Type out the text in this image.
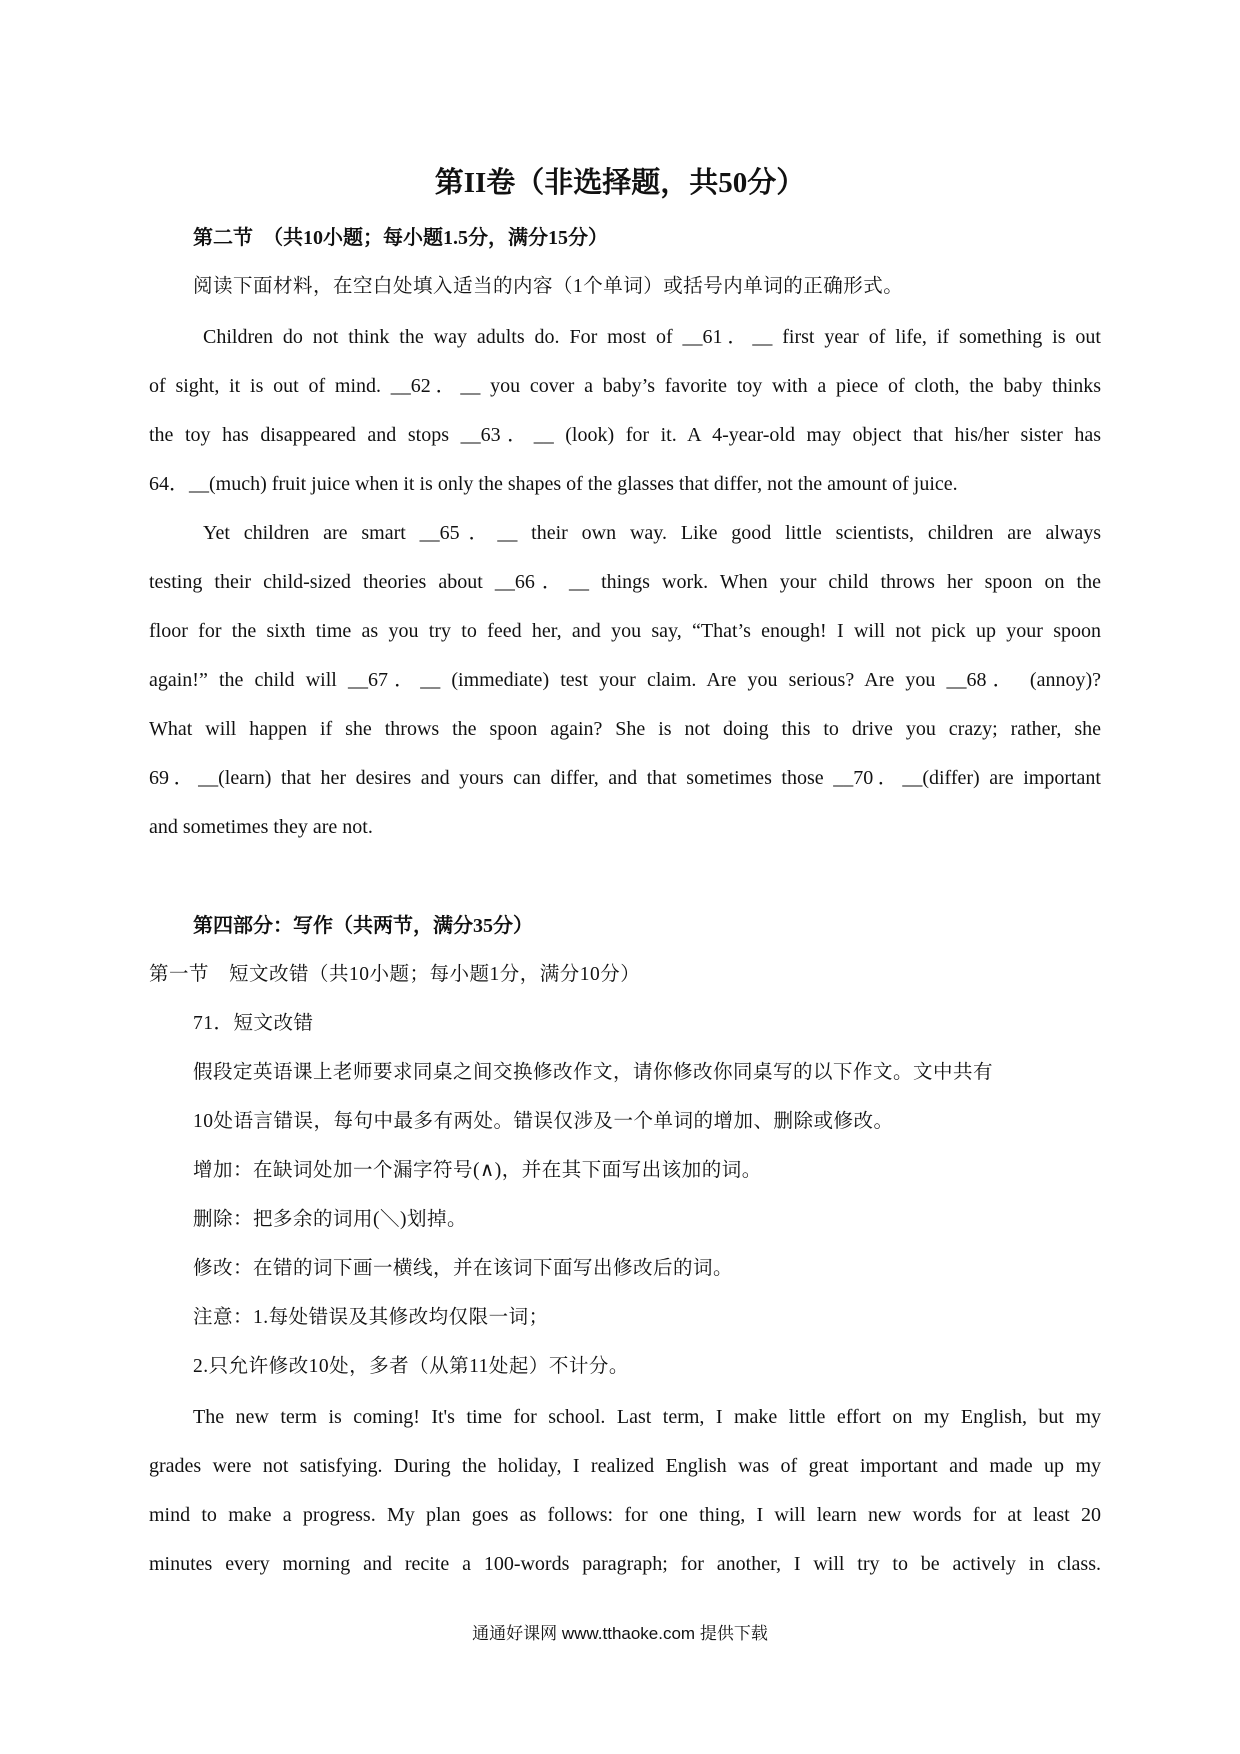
第II卷（非选择题，共50分）
第二节　（共10小题；每小题1.5分，满分15分）
阅读下面材料，在空白处填入适当的内容（1个单词）或括号内单词的正确形式。
Children do not think the way adults do. For most of __61．__ first year of life, if something is out
of sight, it is out of mind. __62．__ you cover a baby’s favorite toy with a piece of cloth, the baby thinks
the toy has disappeared and stops __63．__ (look) for it. A 4-year-old may object that his/her sister has
64．__(much) fruit juice when it is only the shapes of the glasses that differ, not the amount of juice.
Yet children are smart __65．__ their own way. Like good little scientists, children are always
testing their child-sized theories about __66．__ things work. When your child throws her spoon on the
floor for the sixth time as you try to feed her, and you say, “That’s enough! I will not pick up your spoon
again!” the child will __67．__ (immediate) test your claim. Are you serious? Are you __68． (annoy)?
What will happen if she throws the spoon again? She is not doing this to drive you crazy; rather, she
69．__(learn) that her desires and yours can differ, and that sometimes those __70．__(differ) are important
and sometimes they are not.
第四部分：写作（共两节，满分35分）
第一节　短文改错（共10小题；每小题1分，满分10分）
71．短文改错
假段定英语课上老师要求同桌之间交换修改作文，请你修改你同桌写的以下作文。文中共有
10处语言错误，每句中最多有两处。错误仅涉及一个单词的增加、删除或修改。
增加：在缺词处加一个漏字符号(∧)，并在其下面写出该加的词。
删除：把多余的词用(＼)划掉。
修改：在错的词下画一横线，并在该词下面写出修改后的词。
注意：1.每处错误及其修改均仅限一词；
2.只允许修改10处，多者（从第11处起）不计分。
The new term is coming! It's time for school. Last term, I make little effort on my English, but my
grades were not satisfying. During the holiday, I realized English was of great important and made up my
mind to make a progress. My plan goes as follows: for one thing, I will learn new words for at least 20
minutes every morning and recite a 100-words paragraph; for another, I will try to be actively in class.
通通好课网 www.tthaoke.com 提供下载
